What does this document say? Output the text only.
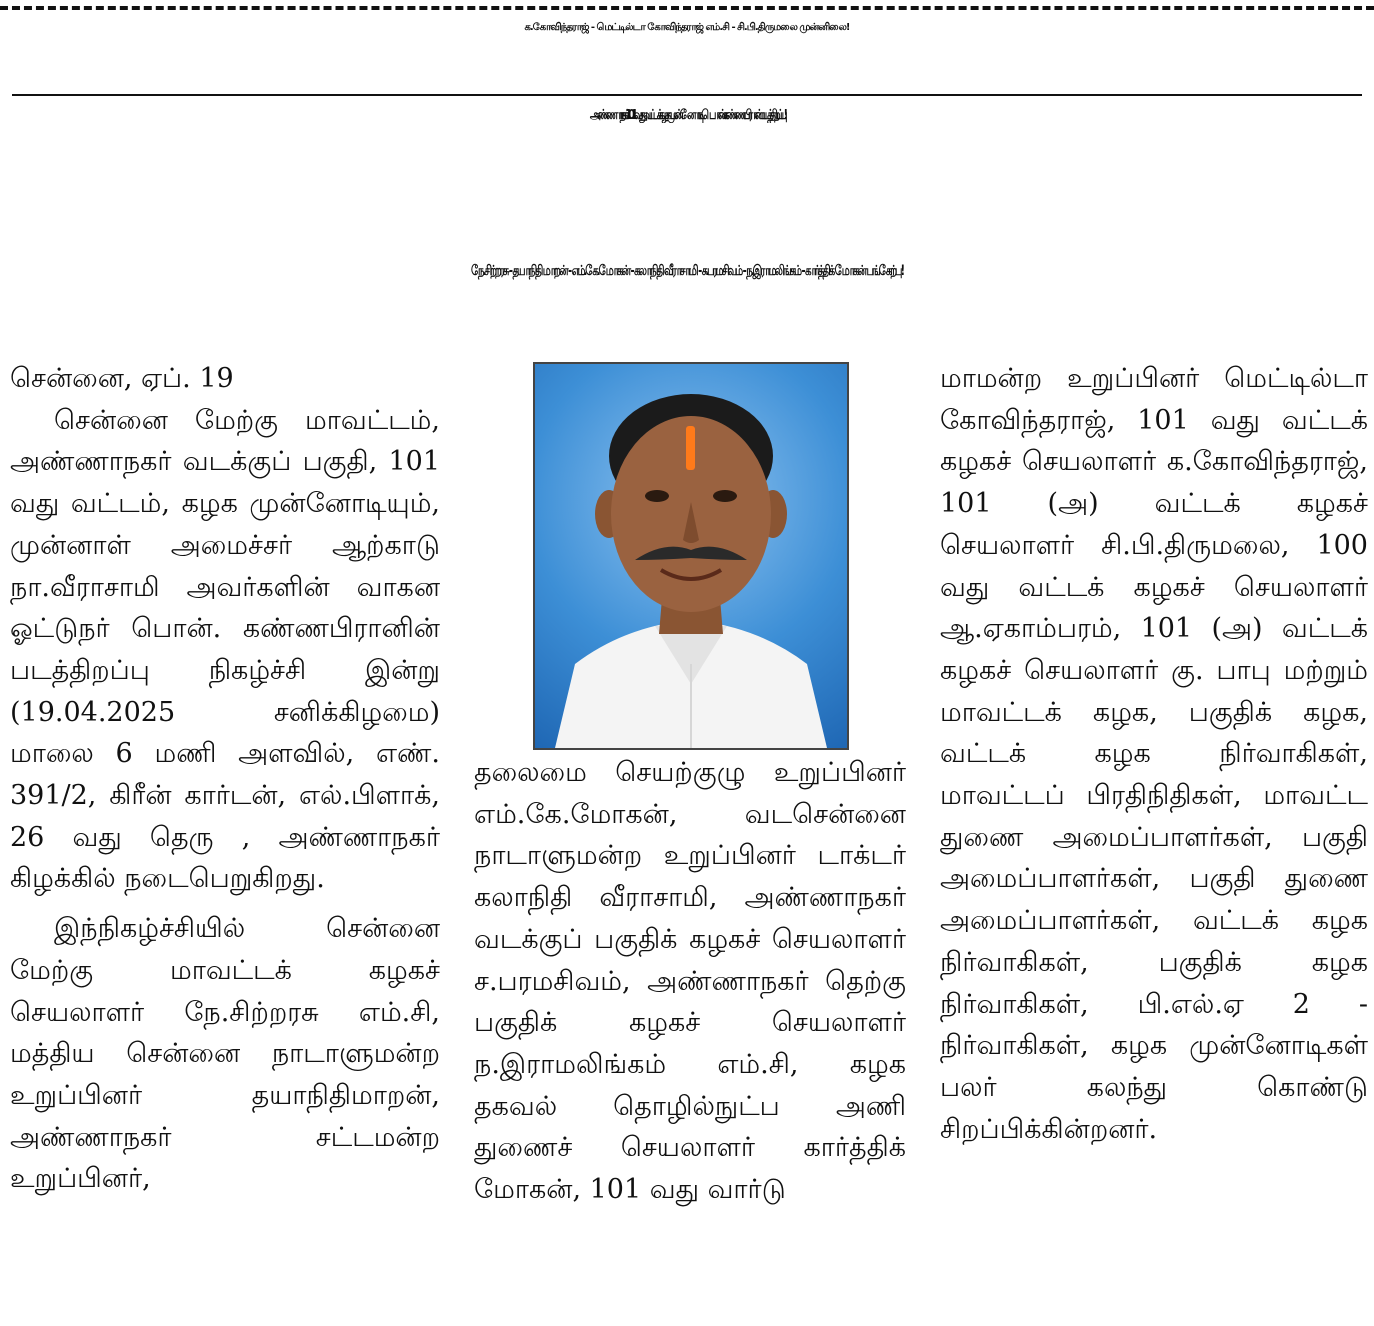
க.கோவிந்தராஜ் - மெட்டில்டா கோவிந்தராஜ் எம்.சி - சி.பி.திருமலை முன்னிலை!
அண்ணாநகர் 101 வது வட்டக் கழக முன்னோடி பொன்.கண்ணபிரான் படத்திறப்பு!
நே.சிற்றரசு - தயாநிதி மாறன் - எம்.கே.மோகன் - கலாநிதி வீராசாமி - ச.பரமசிவம் - ந.இராமலிங்கம் - கார்த்திக் மோகன் பங்கேற்பு!

சென்னை, ஏப். 19

சென்னை மேற்கு மாவட்டம், அண்ணாநகர் வடக்குப் பகுதி, 101 வது வட்டம், கழக முன்னோடியும், முன்னாள் அமைச்சர் ஆற்காடு நா.வீராசாமி அவர்களின் வாகன ஓட்டுநர் பொன். கண்ணபிரானின் படத்திறப்பு நிகழ்ச்சி இன்று (19.04.2025 சனிக்கிழமை) மாலை 6 மணி அளவில், எண். 391/2, கிரீன் கார்டன், எல்.பிளாக், 26 வது தெரு , அண்ணாநகர் கிழக்கில் நடைபெறுகிறது.

இந்நிகழ்ச்சியில் சென்னை மேற்கு மாவட்டக் கழகச் செயலாளர் நே.சிற்றரசு எம்.சி, மத்திய சென்னை நாடாளுமன்ற உறுப்பினர் தயாநிதிமாறன், அண்ணாநகர் சட்டமன்ற உறுப்பினர்,

தலைமை செயற்குழு உறுப்பினர் எம்.கே.மோகன், வடசென்னை நாடாளுமன்ற உறுப்பினர் டாக்டர் கலாநிதி வீராசாமி, அண்ணாநகர் வடக்குப் பகுதிக் கழகச் செயலாளர் ச.பரமசிவம், அண்ணாநகர் தெற்கு பகுதிக் கழகச் செயலாளர் ந.இராமலிங்கம் எம்.சி, கழக தகவல் தொழில்நுட்ப அணி துணைச் செயலாளர் கார்த்திக் மோகன், 101 வது வார்டு

மாமன்ற உறுப்பினர் மெட்டில்டா கோவிந்தராஜ், 101 வது வட்டக் கழகச் செயலாளர் க.கோவிந்தராஜ், 101 (அ) வட்டக் கழகச் செயலாளர் சி.பி.திருமலை, 100 வது வட்டக் கழகச் செயலாளர் ஆ.ஏகாம்பரம், 101 (அ) வட்டக் கழகச் செயலாளர் கு. பாபு மற்றும் மாவட்டக் கழக, பகுதிக் கழக, வட்டக் கழக நிர்வாகிகள், மாவட்டப் பிரதிநிதிகள், மாவட்ட துணை அமைப்பாளர்கள், பகுதி அமைப்பாளர்கள், பகுதி துணை அமைப்பாளர்கள், வட்டக் கழக நிர்வாகிகள், பகுதிக் கழக நிர்வாகிகள், பி.எல்.ஏ 2 - நிர்வாகிகள், கழக முன்னோடிகள் பலர் கலந்து கொண்டு சிறப்பிக்கின்றனர்.
